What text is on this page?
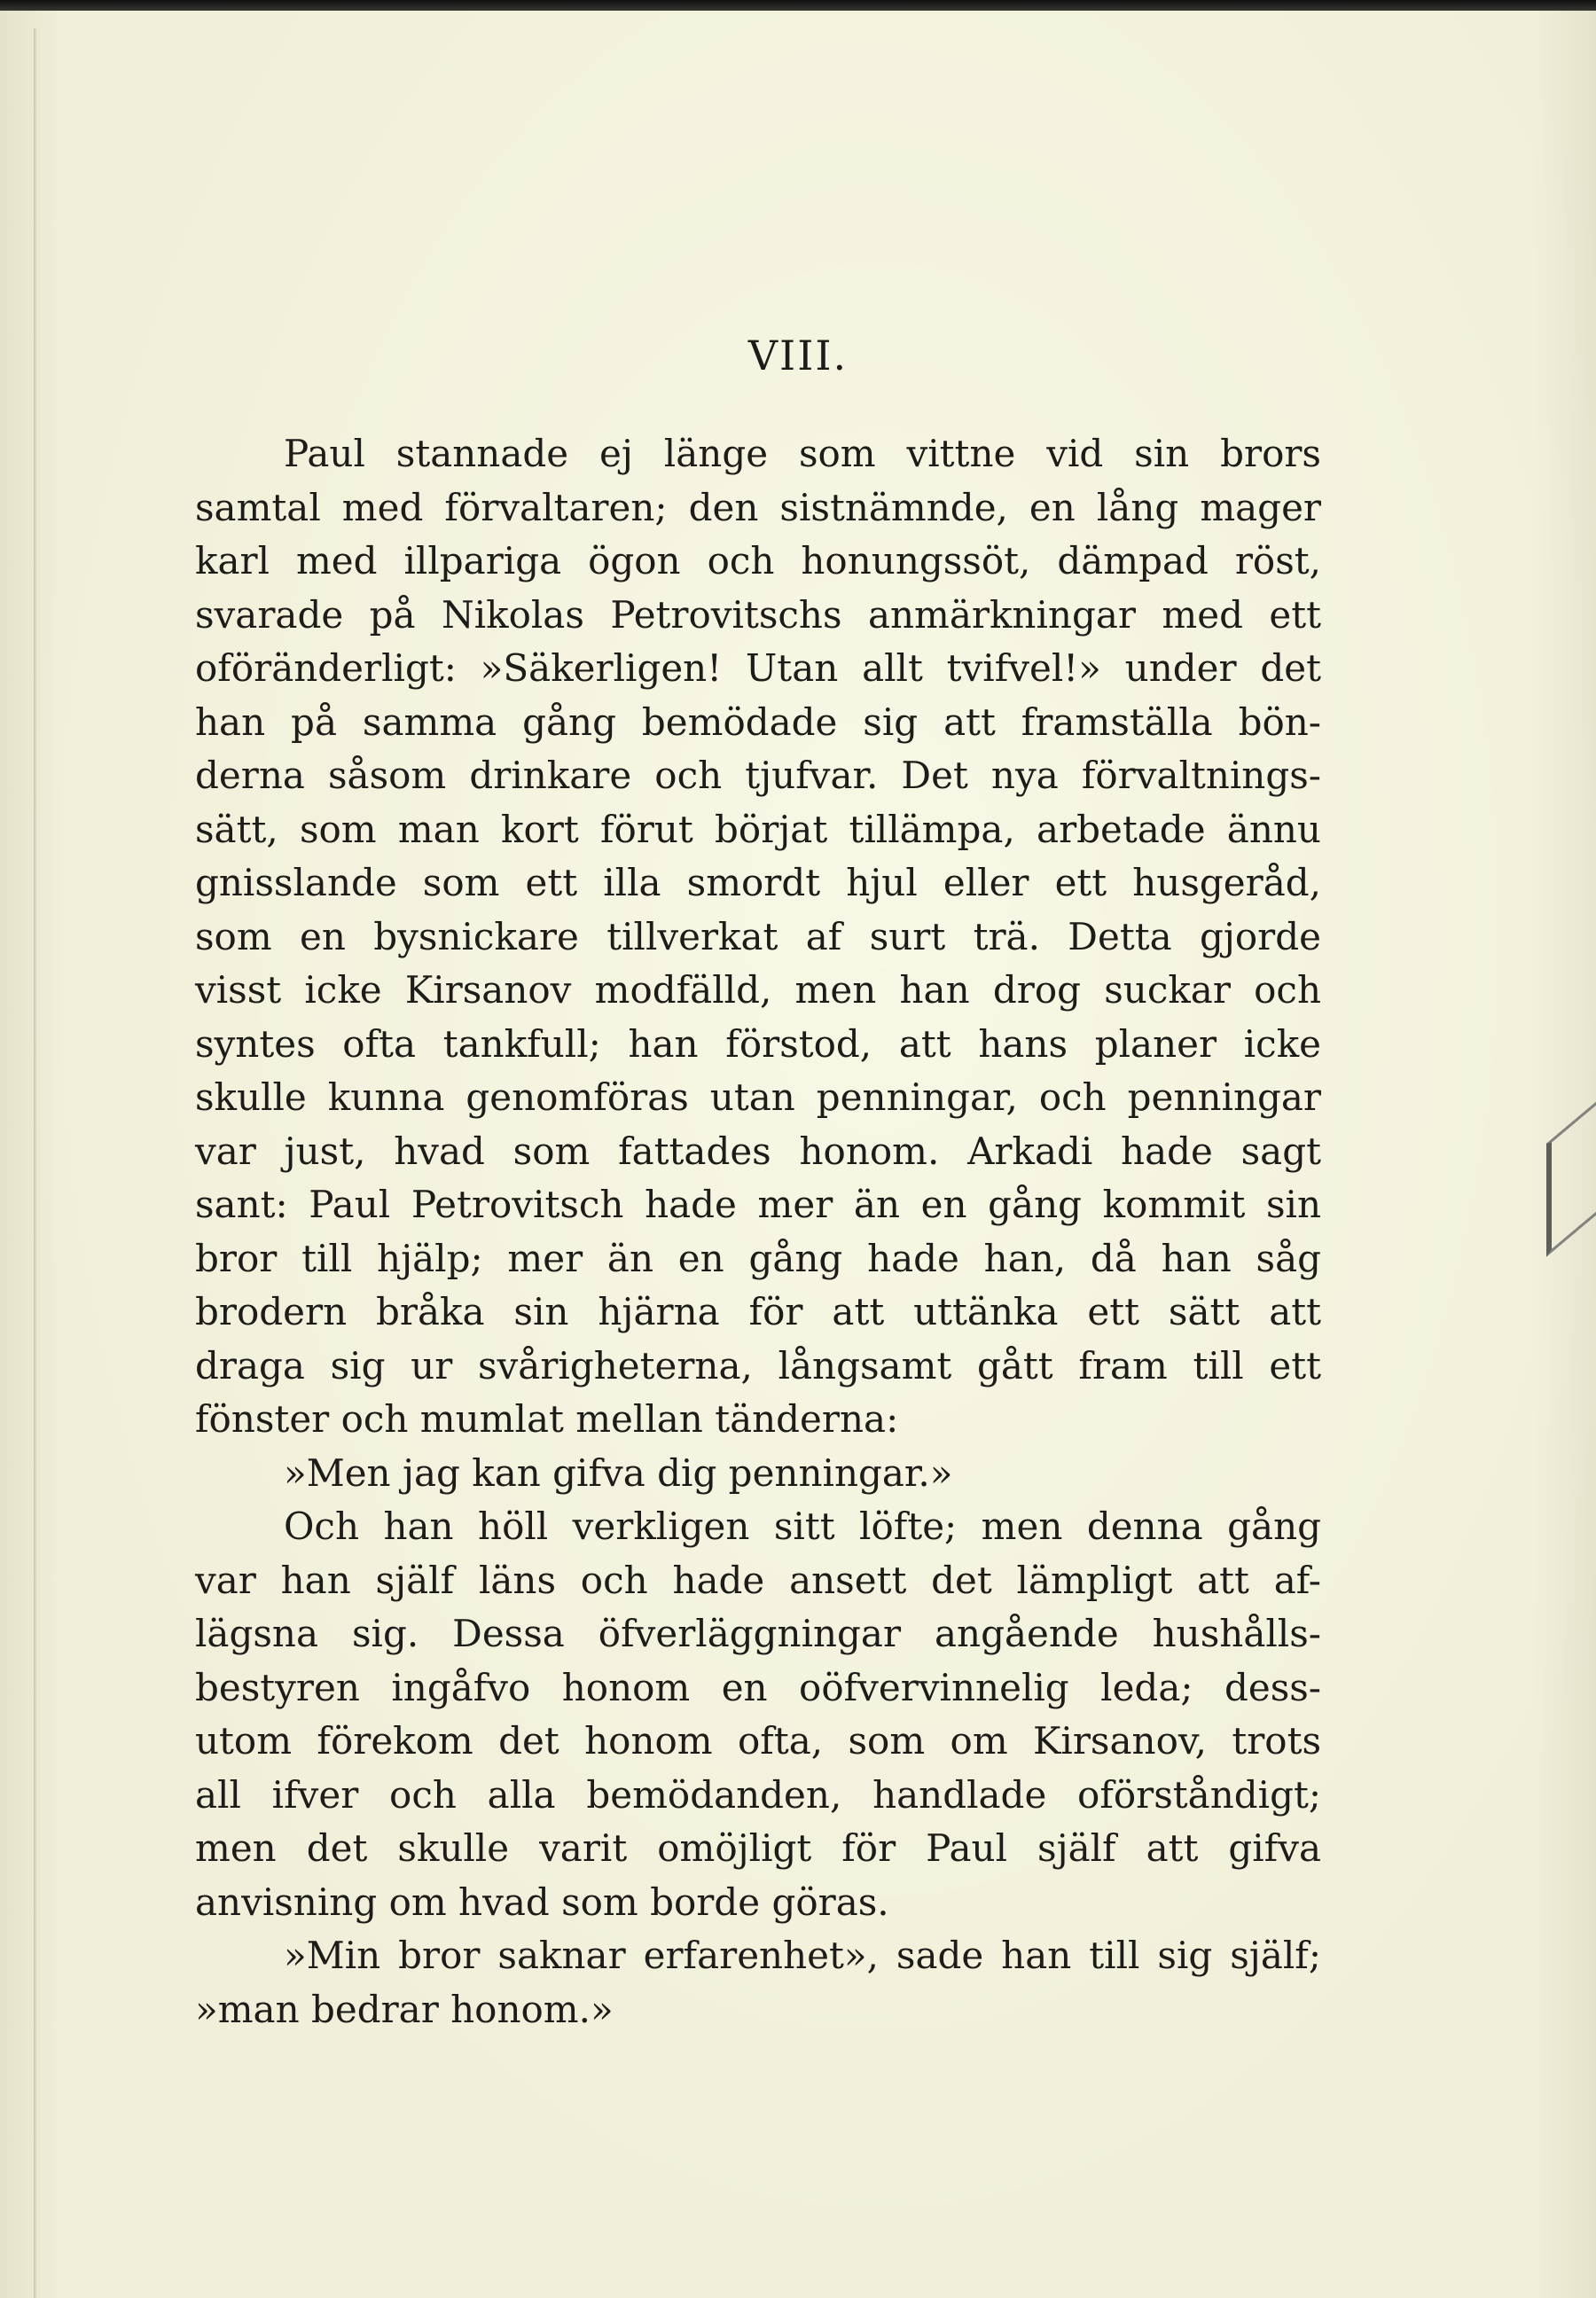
VIII.
Paul stannade ej länge som vittne vid sin brors
samtal med förvaltaren; den sistnämnde, en lång mager
karl med illpariga ögon och honungssöt, dämpad röst,
svarade på Nikolas Petrovitschs anmärkningar med ett
oföränderligt: »Säkerligen! Utan allt tvifvel!» under det
han på samma gång bemödade sig att framställa bön-
derna såsom drinkare och tjufvar. Det nya förvaltnings-
sätt, som man kort förut börjat tillämpa, arbetade ännu
gnisslande som ett illa smordt hjul eller ett husgeråd,
som en bysnickare tillverkat af surt trä. Detta gjorde
visst icke Kirsanov modfälld, men han drog suckar och
syntes ofta tankfull; han förstod, att hans planer icke
skulle kunna genomföras utan penningar, och penningar
var just, hvad som fattades honom. Arkadi hade sagt
sant: Paul Petrovitsch hade mer än en gång kommit sin
bror till hjälp; mer än en gång hade han, då han såg
brodern bråka sin hjärna för att uttänka ett sätt att
draga sig ur svårigheterna, långsamt gått fram till ett
fönster och mumlat mellan tänderna:
»Men jag kan gifva dig penningar.»
Och han höll verkligen sitt löfte; men denna gång
var han själf läns och hade ansett det lämpligt att af-
lägsna sig. Dessa öfverläggningar angående hushålls-
bestyren ingåfvo honom en oöfvervinnelig leda; dess-
utom förekom det honom ofta, som om Kirsanov, trots
all ifver och alla bemödanden, handlade oförståndigt;
men det skulle varit omöjligt för Paul själf att gifva
anvisning om hvad som borde göras.
»Min bror saknar erfarenhet», sade han till sig själf;
»man bedrar honom.»
